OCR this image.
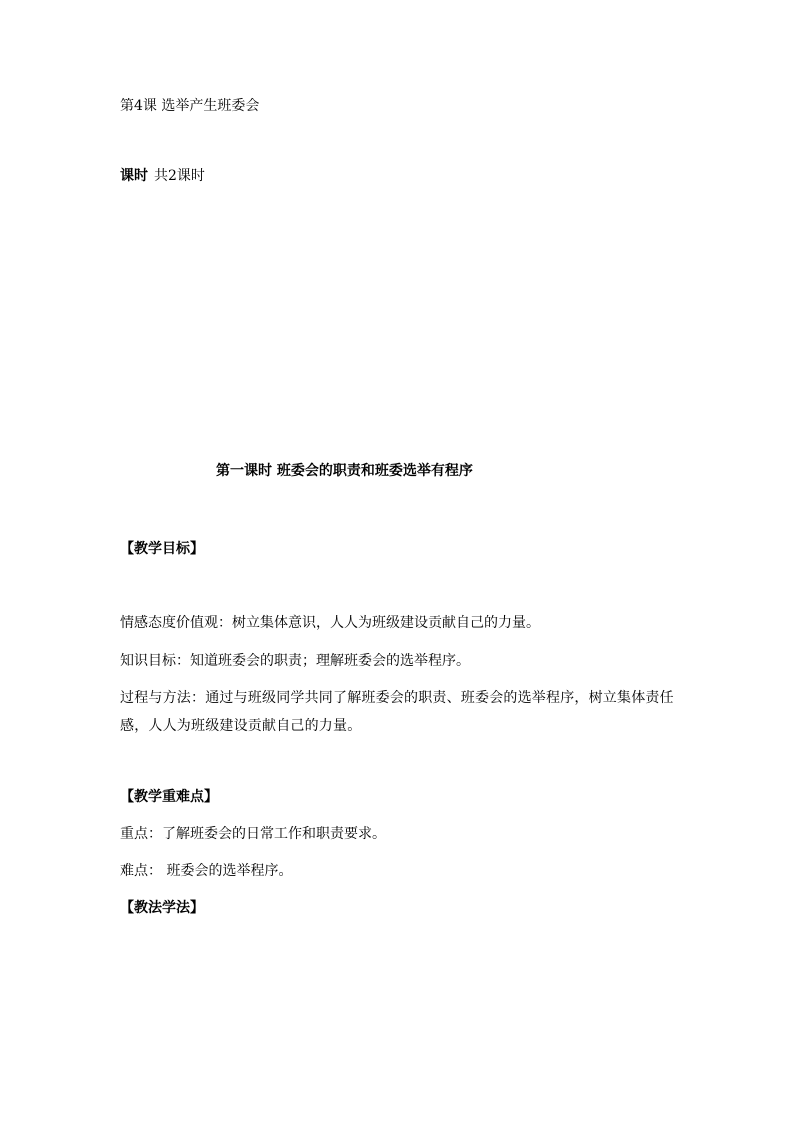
第4课 选举产生班委会

课时 共2课时

第一课时 班委会的职责和班委选举有程序

【教学目标】

情感态度价值观：树立集体意识，人人为班级建设贡献自己的力量。

知识目标：知道班委会的职责；理解班委会的选举程序。

过程与方法：通过与班级同学共同了解班委会的职责、班委会的选举程序，树立集体责任感，人人为班级建设贡献自己的力量。

【教学重难点】

重点：了解班委会的日常工作和职责要求。

难点： 班委会的选举程序。

【教法学法】
